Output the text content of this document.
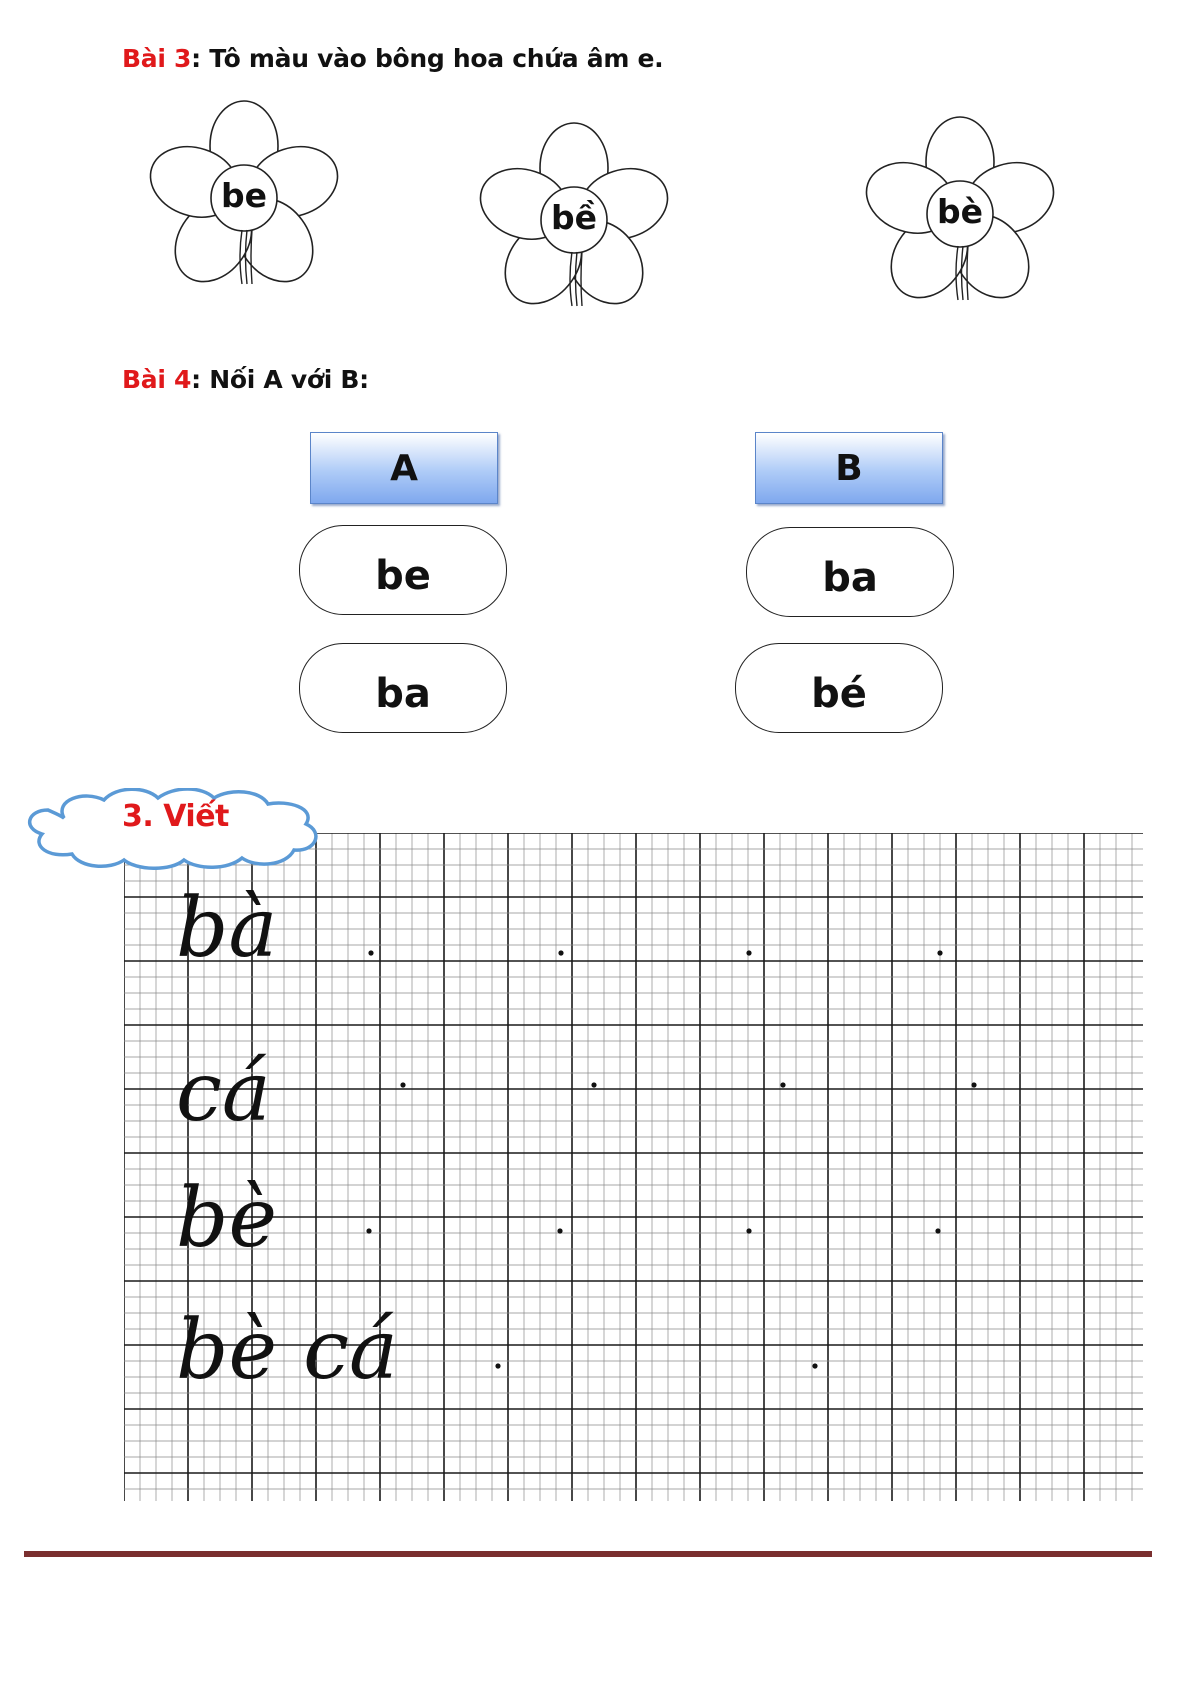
Bài 3: Tô màu vào bông hoa chứa âm e.
be
bề	bè
Bài 4: Nối A với B:
A	B
be
ba
ba
bé
3. Viết
bà
cá
bè
bè cá
